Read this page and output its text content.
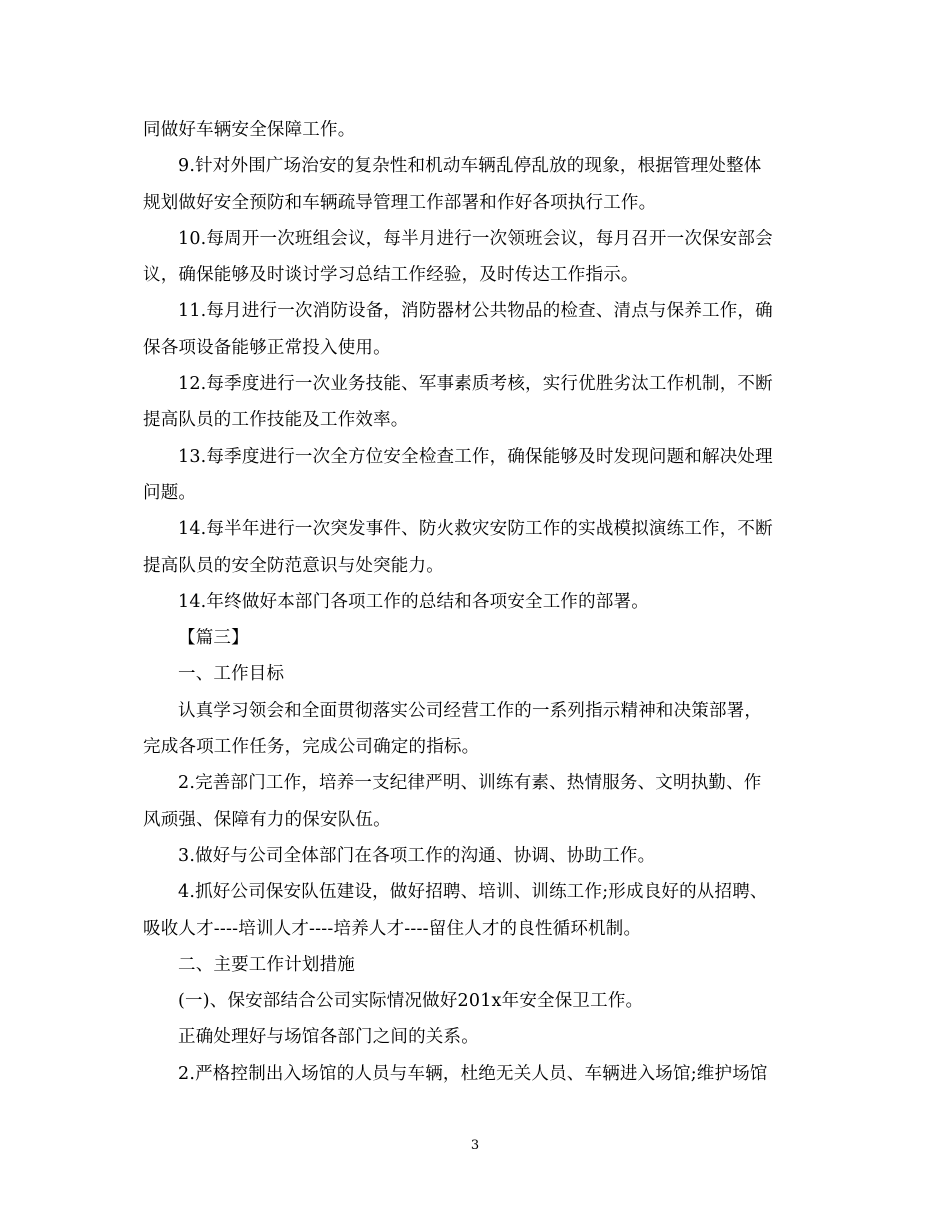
同做好车辆安全保障工作。
9.针对外围广场治安的复杂性和机动车辆乱停乱放的现象，根据管理处整体
规划做好安全预防和车辆疏导管理工作部署和作好各项执行工作。
10.每周开一次班组会议，每半月进行一次领班会议，每月召开一次保安部会
议，确保能够及时谈讨学习总结工作经验，及时传达工作指示。
11.每月进行一次消防设备，消防器材公共物品的检查、清点与保养工作，确
保各项设备能够正常投入使用。
12.每季度进行一次业务技能、军事素质考核，实行优胜劣汰工作机制，不断
提高队员的工作技能及工作效率。
13.每季度进行一次全方位安全检查工作，确保能够及时发现问题和解决处理
问题。
14.每半年进行一次突发事件、防火救灾安防工作的实战模拟演练工作，不断
提高队员的安全防范意识与处突能力。
14.年终做好本部门各项工作的总结和各项安全工作的部署。
【篇三】
一、工作目标
认真学习领会和全面贯彻落实公司经营工作的一系列指示精神和决策部署，
完成各项工作任务，完成公司确定的指标。
2.完善部门工作，培养一支纪律严明、训练有素、热情服务、文明执勤、作
风顽强、保障有力的保安队伍。
3.做好与公司全体部门在各项工作的沟通、协调、协助工作。
4.抓好公司保安队伍建设，做好招聘、培训、训练工作;形成良好的从招聘、
吸收人才----培训人才----培养人才----留住人才的良性循环机制。
二、主要工作计划措施
(一)、保安部结合公司实际情况做好201x年安全保卫工作。
正确处理好与场馆各部门之间的关系。
2.严格控制出入场馆的人员与车辆，杜绝无关人员、车辆进入场馆;维护场馆
3
